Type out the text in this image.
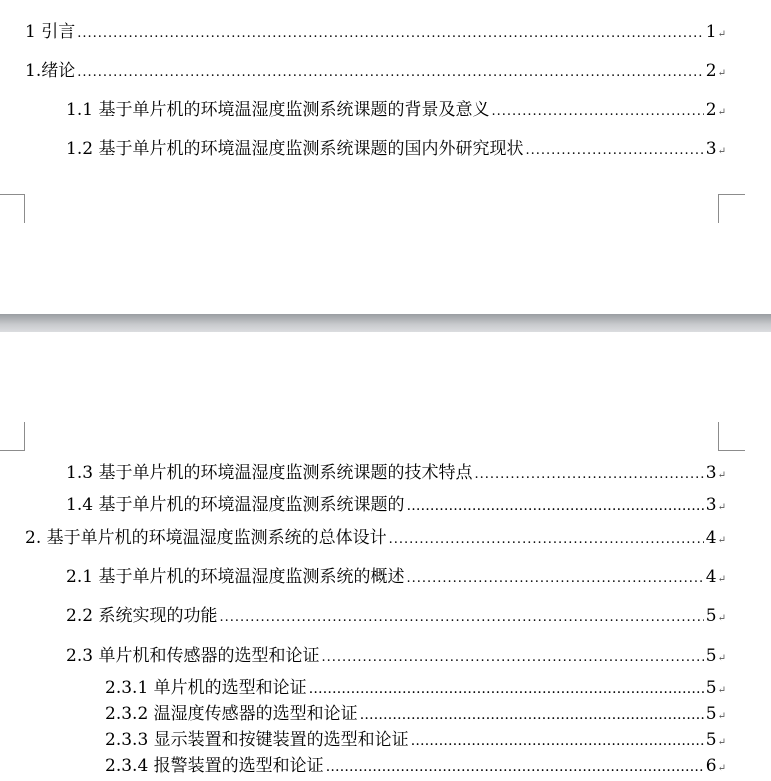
1 引言 .....	1 ↵
1.绪论 .....	2 ↵
1.1 基于单片机的环境温湿度监测系统课题的背景及意义 .....	2 ↵
1.2 基于单片机的环境温湿度监测系统课题的国内外研究现状 .....	3 ↵
1.3 基于单片机的环境温湿度监测系统课题的技术特点 .....	3 ↵
1.4 基于单片机的环境温湿度监测系统课题的 …………………………………………………………………………………………………………………………………………………………………………………………………	3 ↵
2. 基于单片机的环境温湿度监测系统的总体设计 .....	4 ↵
2.1 基于单片机的环境温湿度监测系统的概述 .....	4 ↵
2.2 系统实现的功能 .....	5 ↵
2.3 单片机和传感器的选型和论证 .....	5 ↵
2.3.1 单片机的选型和论证 …………………………………………………………………………………………………………………………………………………………………………………………………	5 ↵
2.3.2 温湿度传感器的选型和论证 …………………………………………………………………………………………………………………………………………………………………………………………………	5 ↵
2.3.3 显示装置和按键装置的选型和论证 …………………………………………………………………………………………………………………………………………………………………………………………………	5 ↵
2.3.4 报警装置的选型和论证 …………………………………………………………………………………………………………………………………………………………………………………………………	6 ↵
